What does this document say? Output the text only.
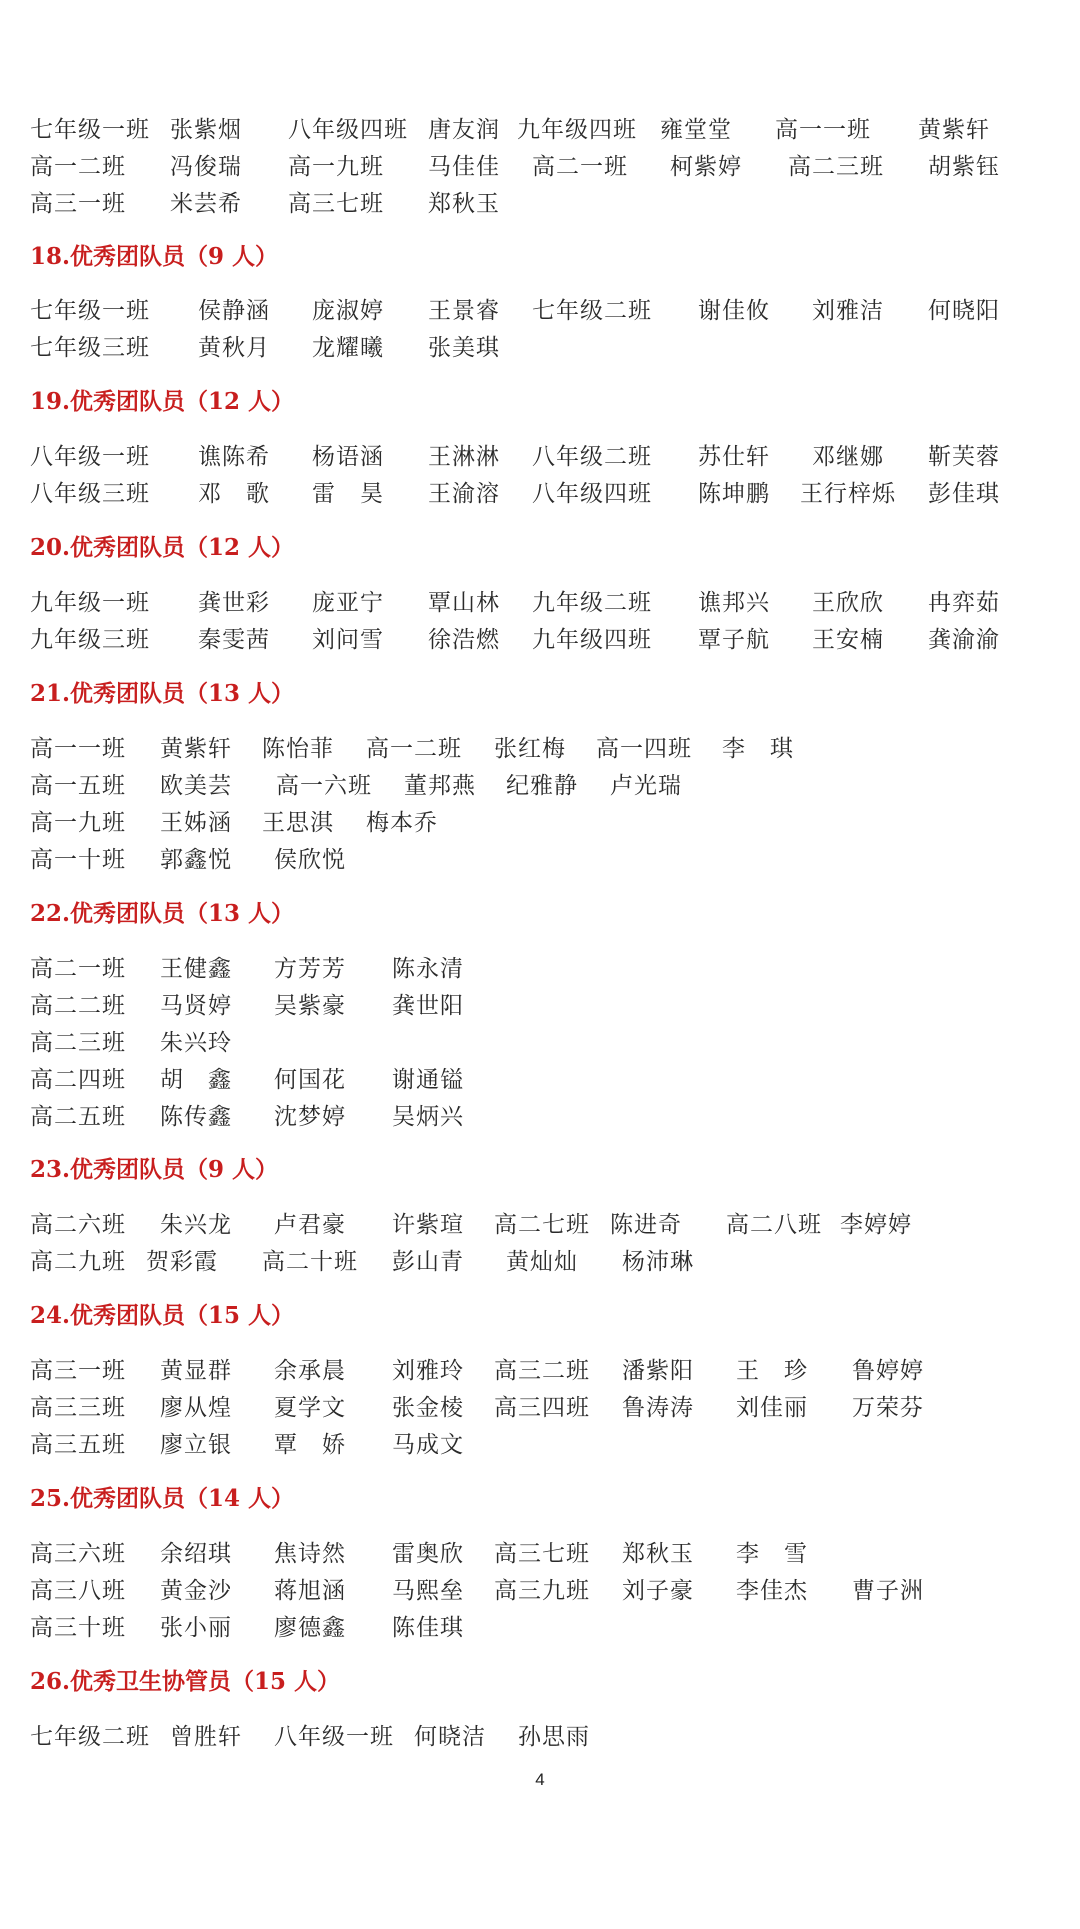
七年级一班 张紫烟 八年级四班 唐友润 九年级四班 雍堂堂 高一一班 黄紫轩
高一二班 冯俊瑞 高一九班 马佳佳 高二一班 柯紫婷 高二三班 胡紫钰
高三一班 米芸希 高三七班 郑秋玉
18.优秀团队员（9 人）
七年级一班 侯静涵 庞淑婷 王景睿 七年级二班 谢佳攸 刘雅洁 何晓阳
七年级三班 黄秋月 龙耀曦 张美琪
19.优秀团队员（12 人）
八年级一班 谯陈希 杨语涵 王淋淋 八年级二班 苏仕轩 邓继娜 靳芙蓉
八年级三班 邓　歌 雷　昊 王渝溶 八年级四班 陈坤鹏 王行梓烁 彭佳琪
20.优秀团队员（12 人）
九年级一班 龚世彩 庞亚宁 覃山林 九年级二班 谯邦兴 王欣欣 冉弈茹
九年级三班 秦雯茜 刘问雪 徐浩燃 九年级四班 覃子航 王安楠 龚渝渝
21.优秀团队员（13 人）
高一一班 黄紫轩 陈怡菲 高一二班 张红梅 高一四班 李　琪
高一五班 欧美芸 高一六班 董邦燕 纪雅静 卢光瑞
高一九班 王姊涵 王思淇 梅本乔
高一十班 郭鑫悦 侯欣悦
22.优秀团队员（13 人）
高二一班 王健鑫 方芳芳 陈永清
高二二班 马贤婷 吴紫豪 龚世阳
高二三班 朱兴玲
高二四班 胡　鑫 何国花 谢通镒
高二五班 陈传鑫 沈梦婷 吴炳兴
23.优秀团队员（9 人）
高二六班 朱兴龙 卢君豪 许紫瑄 高二七班 陈进奇 高二八班 李婷婷
高二九班 贺彩霞 高二十班 彭山青 黄灿灿 杨沛琳
24.优秀团队员（15 人）
高三一班 黄显群 余承晨 刘雅玲 高三二班 潘紫阳 王　珍 鲁婷婷
高三三班 廖从煌 夏学文 张金棱 高三四班 鲁涛涛 刘佳丽 万荣芬
高三五班 廖立银 覃　娇 马成文
25.优秀团队员（14 人）
高三六班 余绍琪 焦诗然 雷奥欣 高三七班 郑秋玉 李　雪
高三八班 黄金沙 蒋旭涵 马熙垒 高三九班 刘子豪 李佳杰 曹子洲
高三十班 张小丽 廖德鑫 陈佳琪
26.优秀卫生协管员（15 人）
七年级二班 曾胜轩 八年级一班 何晓洁 孙思雨
4
